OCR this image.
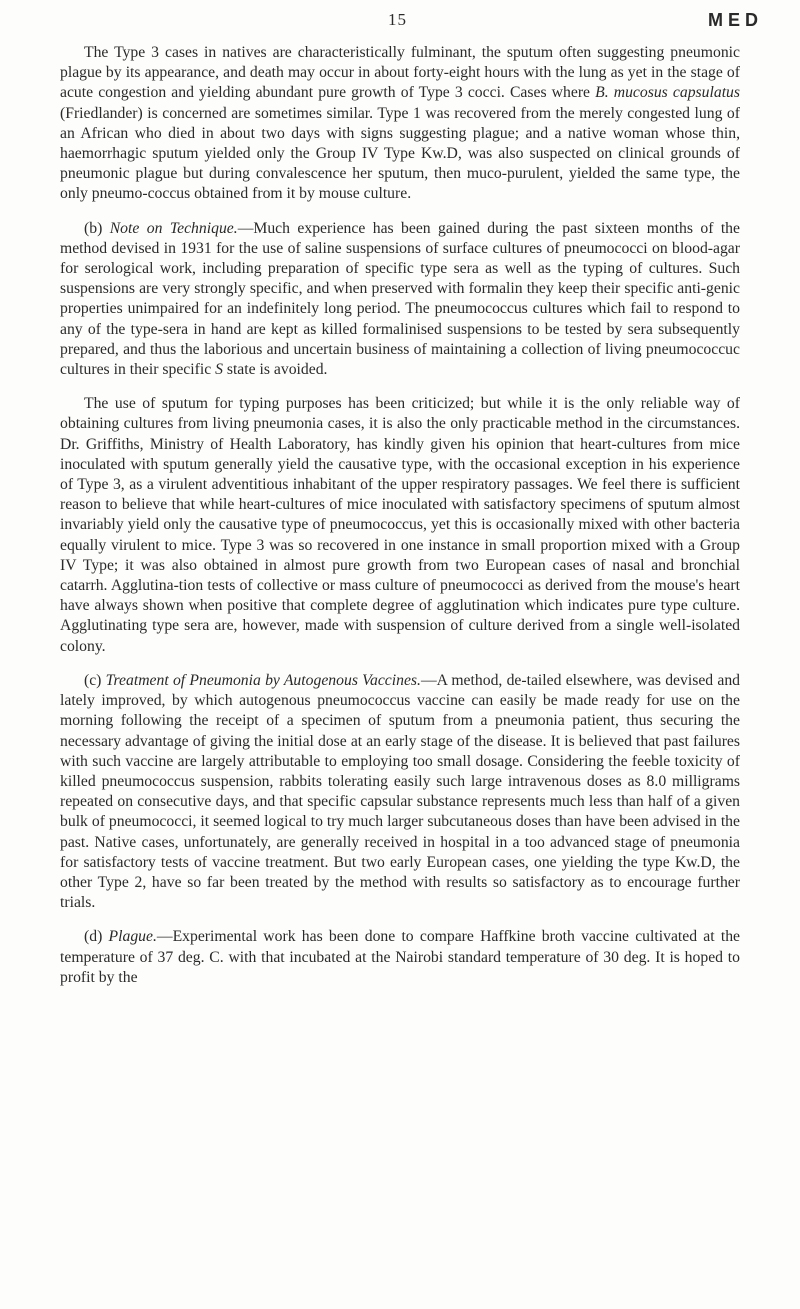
15	MED

The Type 3 cases in natives are characteristically fulminant, the sputum often suggesting pneumonic plague by its appearance, and death may occur in about forty-eight hours with the lung as yet in the stage of acute congestion and yielding abundant pure growth of Type 3 cocci. Cases where B. mucosus capsulatus (Friedlander) is concerned are sometimes similar. Type 1 was recovered from the merely congested lung of an African who died in about two days with signs suggesting plague; and a native woman whose thin, haemorrhagic sputum yielded only the Group IV Type Kw.D, was also suspected on clinical grounds of pneumonic plague but during convalescence her sputum, then muco-purulent, yielded the same type, the only pneumo-coccus obtained from it by mouse culture.

(b) Note on Technique.—Much experience has been gained during the past sixteen months of the method devised in 1931 for the use of saline suspensions of surface cultures of pneumococci on blood-agar for serological work, including preparation of specific type sera as well as the typing of cultures. Such suspensions are very strongly specific, and when preserved with formalin they keep their specific anti-genic properties unimpaired for an indefinitely long period. The pneumococcus cultures which fail to respond to any of the type-sera in hand are kept as killed formalinised suspensions to be tested by sera subsequently prepared, and thus the laborious and uncertain business of maintaining a collection of living pneumococcuc cultures in their specific S state is avoided.

The use of sputum for typing purposes has been criticized; but while it is the only reliable way of obtaining cultures from living pneumonia cases, it is also the only practicable method in the circumstances. Dr. Griffiths, Ministry of Health Laboratory, has kindly given his opinion that heart-cultures from mice inoculated with sputum generally yield the causative type, with the occasional exception in his experience of Type 3, as a virulent adventitious inhabitant of the upper respiratory passages. We feel there is sufficient reason to believe that while heart-cultures of mice inoculated with satisfactory specimens of sputum almost invariably yield only the causative type of pneumococcus, yet this is occasionally mixed with other bacteria equally virulent to mice. Type 3 was so recovered in one instance in small proportion mixed with a Group IV Type; it was also obtained in almost pure growth from two European cases of nasal and bronchial catarrh. Agglutina-tion tests of collective or mass culture of pneumococci as derived from the mouse's heart have always shown when positive that complete degree of agglutination which indicates pure type culture. Agglutinating type sera are, however, made with suspension of culture derived from a single well-isolated colony.

(c) Treatment of Pneumonia by Autogenous Vaccines.—A method, de-tailed elsewhere, was devised and lately improved, by which autogenous pneumococcus vaccine can easily be made ready for use on the morning following the receipt of a specimen of sputum from a pneumonia patient, thus securing the necessary advantage of giving the initial dose at an early stage of the disease. It is believed that past failures with such vaccine are largely attributable to employing too small dosage. Considering the feeble toxicity of killed pneumococcus suspension, rabbits tolerating easily such large intravenous doses as 8.0 milligrams repeated on consecutive days, and that specific capsular substance represents much less than half of a given bulk of pneumococci, it seemed logical to try much larger subcutaneous doses than have been advised in the past. Native cases, unfortunately, are generally received in hospital in a too advanced stage of pneumonia for satisfactory tests of vaccine treatment. But two early European cases, one yielding the type Kw.D, the other Type 2, have so far been treated by the method with results so satisfactory as to encourage further trials.

(d) Plague.—Experimental work has been done to compare Haffkine broth vaccine cultivated at the temperature of 37 deg. C. with that incubated at the Nairobi standard temperature of 30 deg. It is hoped to profit by the
